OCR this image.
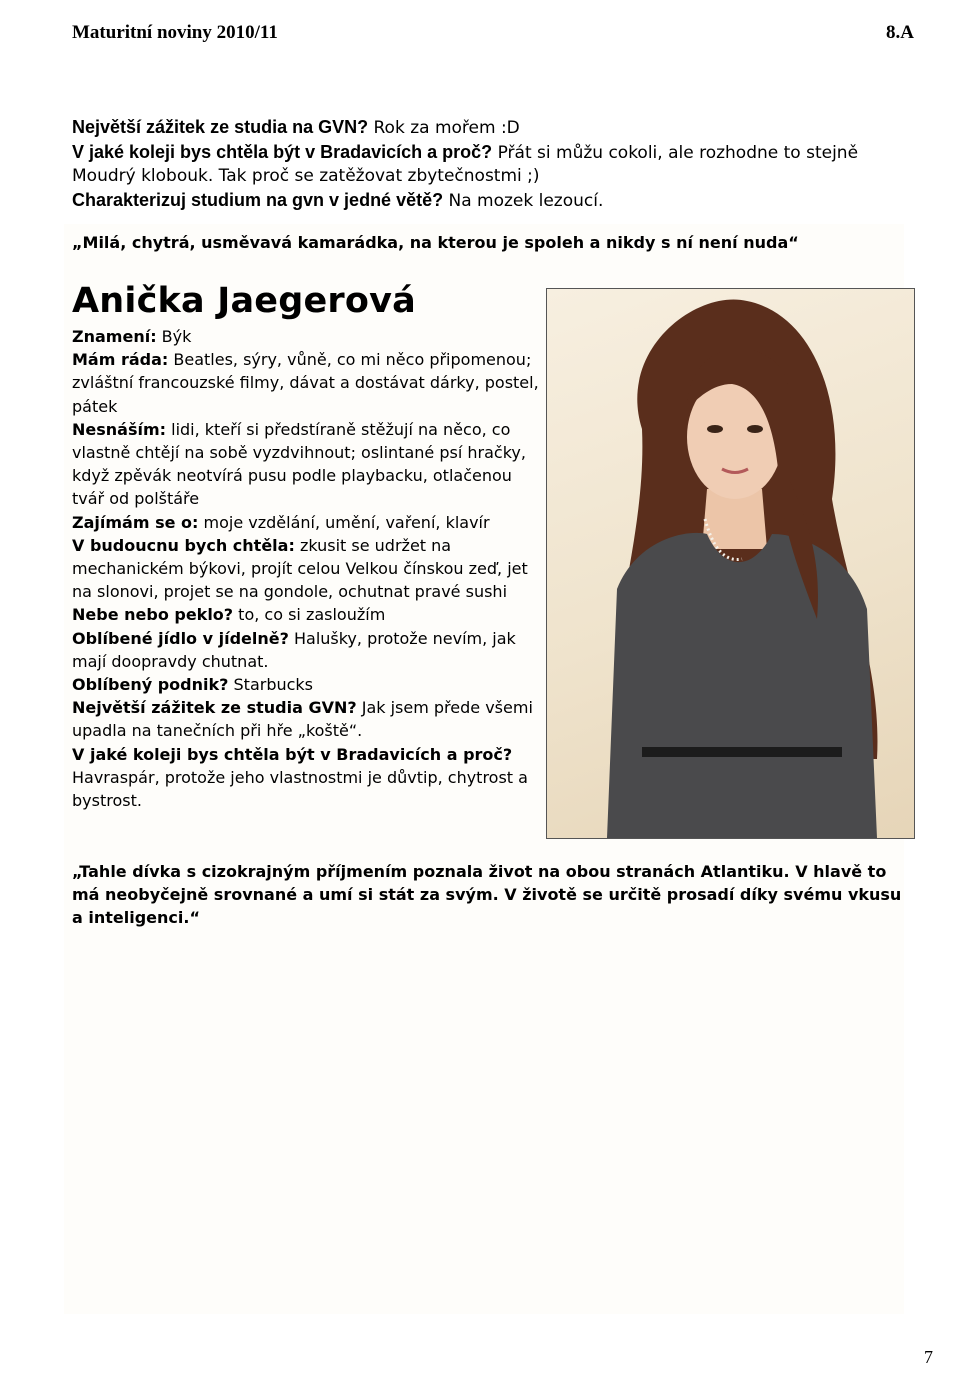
Maturitní noviny 2010/11	8.A
Největší zážitek ze studia na GVN? Rok za mořem :D
V jaké koleji bys chtěla být v Bradavicích a proč? Přát si můžu cokoli, ale rozhodne to stejně Moudrý klobouk. Tak proč se zatěžovat zbytečnostmi ;)
Charakterizuj studium na gvn v jedné větě? Na mozek lezoucí.
„Milá, chytrá, usměvavá kamarádka, na kterou je spoleh a nikdy s ní není nuda“
Anička Jaegerová
Znamení: Býk
Mám ráda: Beatles, sýry, vůně, co mi něco připomenou; zvláštní francouzské filmy, dávat a dostávat dárky, postel, pátek
Nesnáším: lidi, kteří si předstíraně stěžují na něco, co vlastně chtějí na sobě vyzdvihnout; oslintané psí hračky, když zpěvák neotvírá pusu podle playbacku, otlačenou tvář od polštáře
Zajímám se o: moje vzdělání, umění, vaření, klavír
V budoucnu bych chtěla: zkusit se udržet na mechanickém býkovi, projít celou Velkou čínskou zeď, jet na slonovi, projet se na gondole, ochutnat pravé sushi
Nebe nebo peklo? to, co si zasloužím
Oblíbené jídlo v jídelně? Halušky, protože nevím, jak mají doopravdy chutnat.
Oblíbený podnik? Starbucks
Největší zážitek ze studia GVN? Jak jsem přede všemi upadla na tanečních při hře „koště“.
V jaké koleji bys chtěla být v Bradavicích a proč? Havraspár, protože jeho vlastnostmi je důvtip, chytrost a bystrost.
„Tahle dívka s cizokrajným příjmením poznala život na obou stranách Atlantiku. V hlavě to má neobyčejně srovnané a umí si stát za svým. V životě se určitě prosadí díky svému vkusu a inteligenci.“
7
